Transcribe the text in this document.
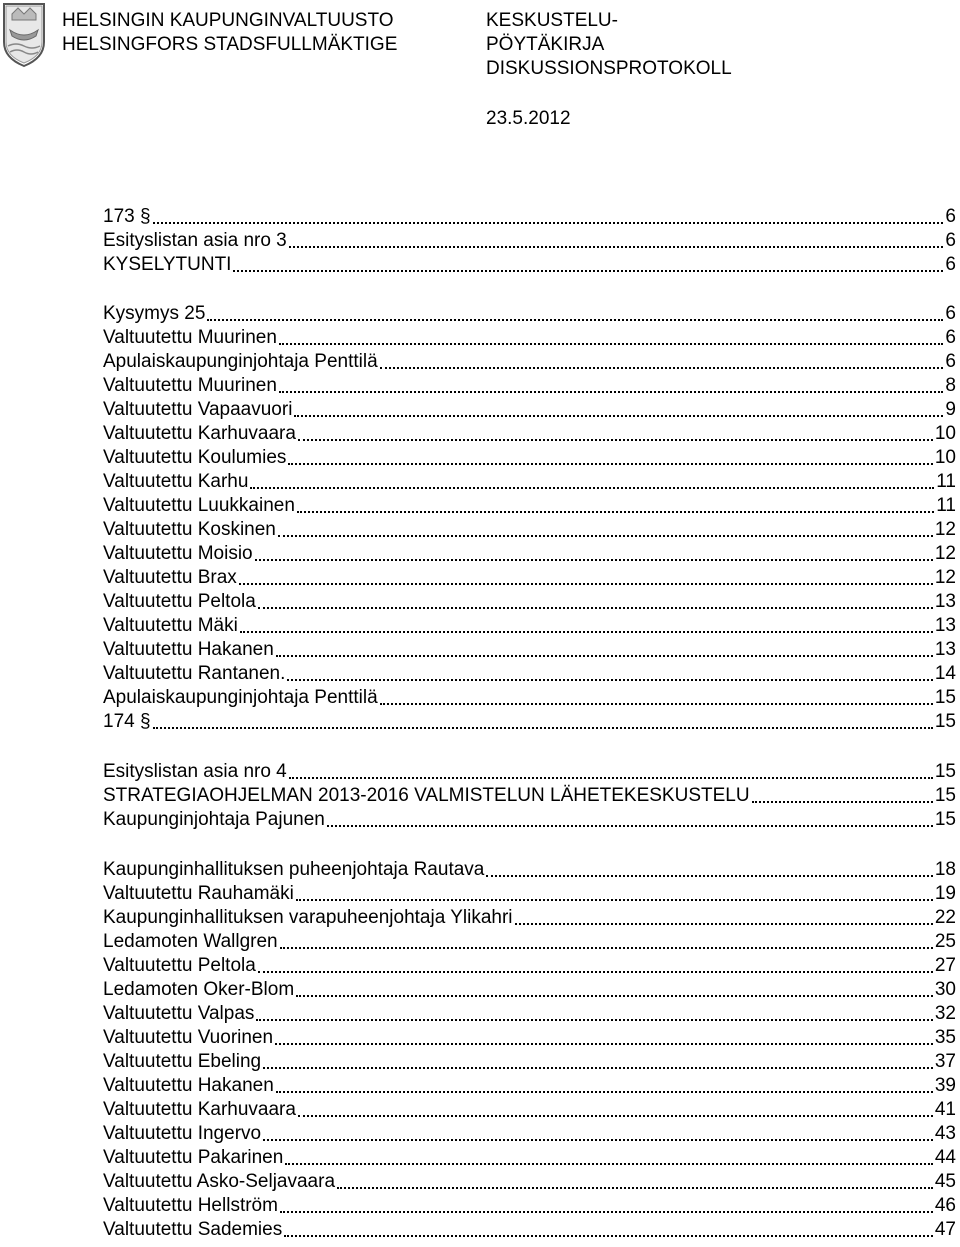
HELSINGIN KAUPUNGINVALTUUSTO
HELSINGFORS STADSFULLMÄKTIGE
KESKUSTELU-
PÖYTÄKIRJA
DISKUSSIONSPROTOKOLL
23.5.2012
173 §	6
Esityslistan asia nro 3	6
KYSELYTUNTI	6
Kysymys 25	6
Valtuutettu Muurinen	6
Apulaiskaupunginjohtaja Penttilä	6
Valtuutettu Muurinen	8
Valtuutettu Vapaavuori	9
Valtuutettu Karhuvaara	10
Valtuutettu Koulumies	10
Valtuutettu Karhu	11
Valtuutettu Luukkainen	11
Valtuutettu Koskinen	12
Valtuutettu Moisio	12
Valtuutettu Brax	12
Valtuutettu Peltola	13
Valtuutettu Mäki	13
Valtuutettu Hakanen	13
Valtuutettu Rantanen.	14
Apulaiskaupunginjohtaja Penttilä	15
174 §	15
Esityslistan asia nro 4	15
STRATEGIAOHJELMAN 2013-2016 VALMISTELUN LÄHETEKESKUSTELU	15
Kaupunginjohtaja Pajunen	15
Kaupunginhallituksen puheenjohtaja Rautava	18
Valtuutettu Rauhamäki	19
Kaupunginhallituksen varapuheenjohtaja Ylikahri	22
Ledamoten Wallgren	25
Valtuutettu Peltola	27
Ledamoten Oker-Blom	30
Valtuutettu Valpas	32
Valtuutettu Vuorinen	35
Valtuutettu Ebeling	37
Valtuutettu Hakanen	39
Valtuutettu Karhuvaara	41
Valtuutettu Ingervo	43
Valtuutettu Pakarinen	44
Valtuutettu Asko-Seljavaara	45
Valtuutettu Hellström	46
Valtuutettu Sademies	47
